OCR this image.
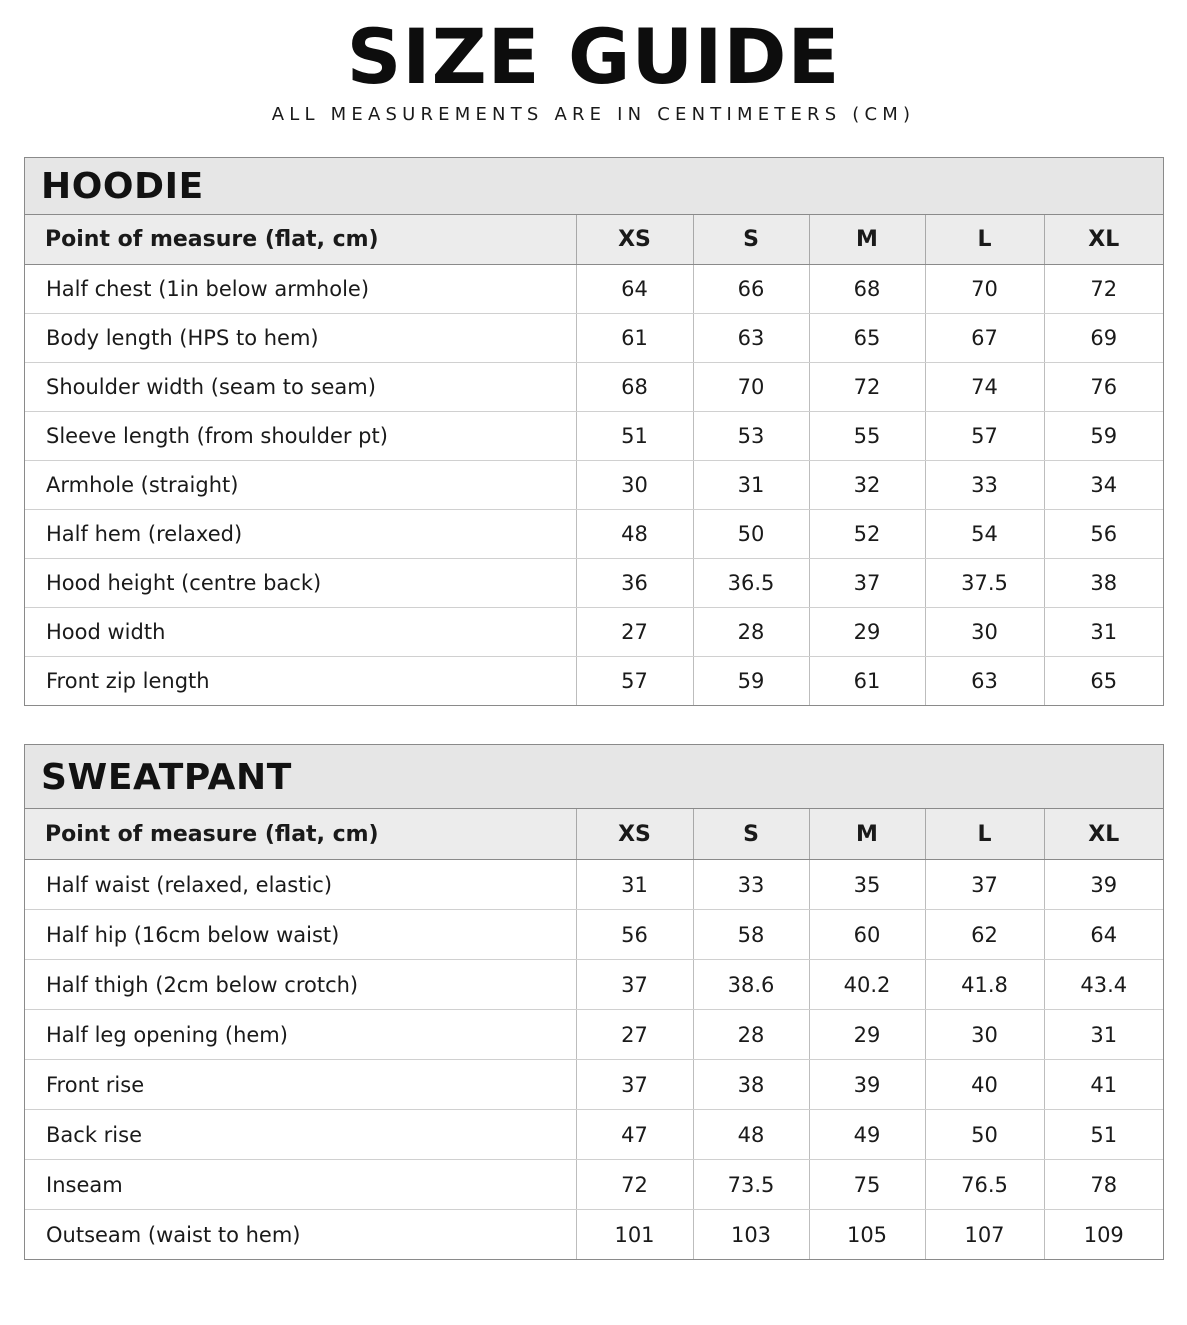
SIZE GUIDE
ALL MEASUREMENTS ARE IN CENTIMETERS (CM)
HOODIE
Point of measure (flat, cm)	XS	S	M	L	XL
Half chest (1in below armhole)	64	66	68	70	72
Body length (HPS to hem)	61	63	65	67	69
Shoulder width (seam to seam)	68	70	72	74	76
Sleeve length (from shoulder pt)	51	53	55	57	59
Armhole (straight)	30	31	32	33	34
Half hem (relaxed)	48	50	52	54	56
Hood height (centre back)	36	36.5	37	37.5	38
Hood width	27	28	29	30	31
Front zip length	57	59	61	63	65
SWEATPANT
Point of measure (flat, cm)	XS	S	M	L	XL
Half waist (relaxed, elastic)	31	33	35	37	39
Half hip (16cm below waist)	56	58	60	62	64
Half thigh (2cm below crotch)	37	38.6	40.2	41.8	43.4
Half leg opening (hem)	27	28	29	30	31
Front rise	37	38	39	40	41
Back rise	47	48	49	50	51
Inseam	72	73.5	75	76.5	78
Outseam (waist to hem)	101	103	105	107	109
